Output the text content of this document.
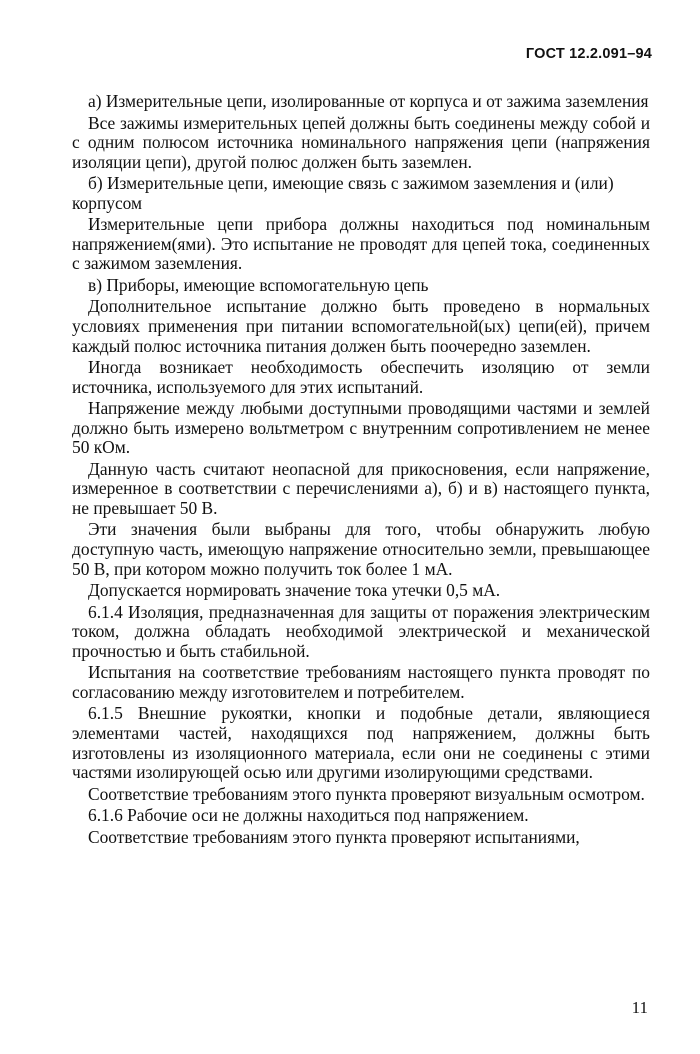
ГОСТ 12.2.091–94

а) Измерительные цепи, изолированные от корпуса и от зажима заземления

Все зажимы измерительных цепей должны быть соединены между собой и с одним полюсом источника номинального напряжения цепи (напряжения изоляции цепи), другой полюс должен быть заземлен.

б) Измерительные цепи, имеющие связь с зажимом заземления и (или) корпусом

Измерительные цепи прибора должны находиться под номинальным напряжением(ями). Это испытание не проводят для цепей тока, соединенных с зажимом заземления.

в) Приборы, имеющие вспомогательную цепь

Дополнительное испытание должно быть проведено в нормальных условиях применения при питании вспомогательной(ых) цепи(ей), причем каждый полюс источника питания должен быть поочередно заземлен.

Иногда возникает необходимость обеспечить изоляцию от земли источника, используемого для этих испытаний.

Напряжение между любыми доступными проводящими частями и землей должно быть измерено вольтметром с внутренним сопротивлением не менее 50 кОм.

Данную часть считают неопасной для прикосновения, если напряжение, измеренное в соответствии с перечислениями а), б) и в) настоящего пункта, не превышает 50 В.

Эти значения были выбраны для того, чтобы обнаружить любую доступную часть, имеющую напряжение относительно земли, превышающее 50 В, при котором можно получить ток более 1 мА.

Допускается нормировать значение тока утечки 0,5 мА.

6.1.4 Изоляция, предназначенная для защиты от поражения электрическим током, должна обладать необходимой электрической и механической прочностью и быть стабильной.

Испытания на соответствие требованиям настоящего пункта проводят по согласованию между изготовителем и потребителем.

6.1.5 Внешние рукоятки, кнопки и подобные детали, являющиеся элементами частей, находящихся под напряжением, должны быть изготовлены из изоляционного материала, если они не соединены с этими частями изолирующей осью или другими изолирующими средствами.

Соответствие требованиям этого пункта проверяют визуальным осмотром.

6.1.6 Рабочие оси не должны находиться под напряжением.

Соответствие требованиям этого пункта проверяют испытаниями,

11
